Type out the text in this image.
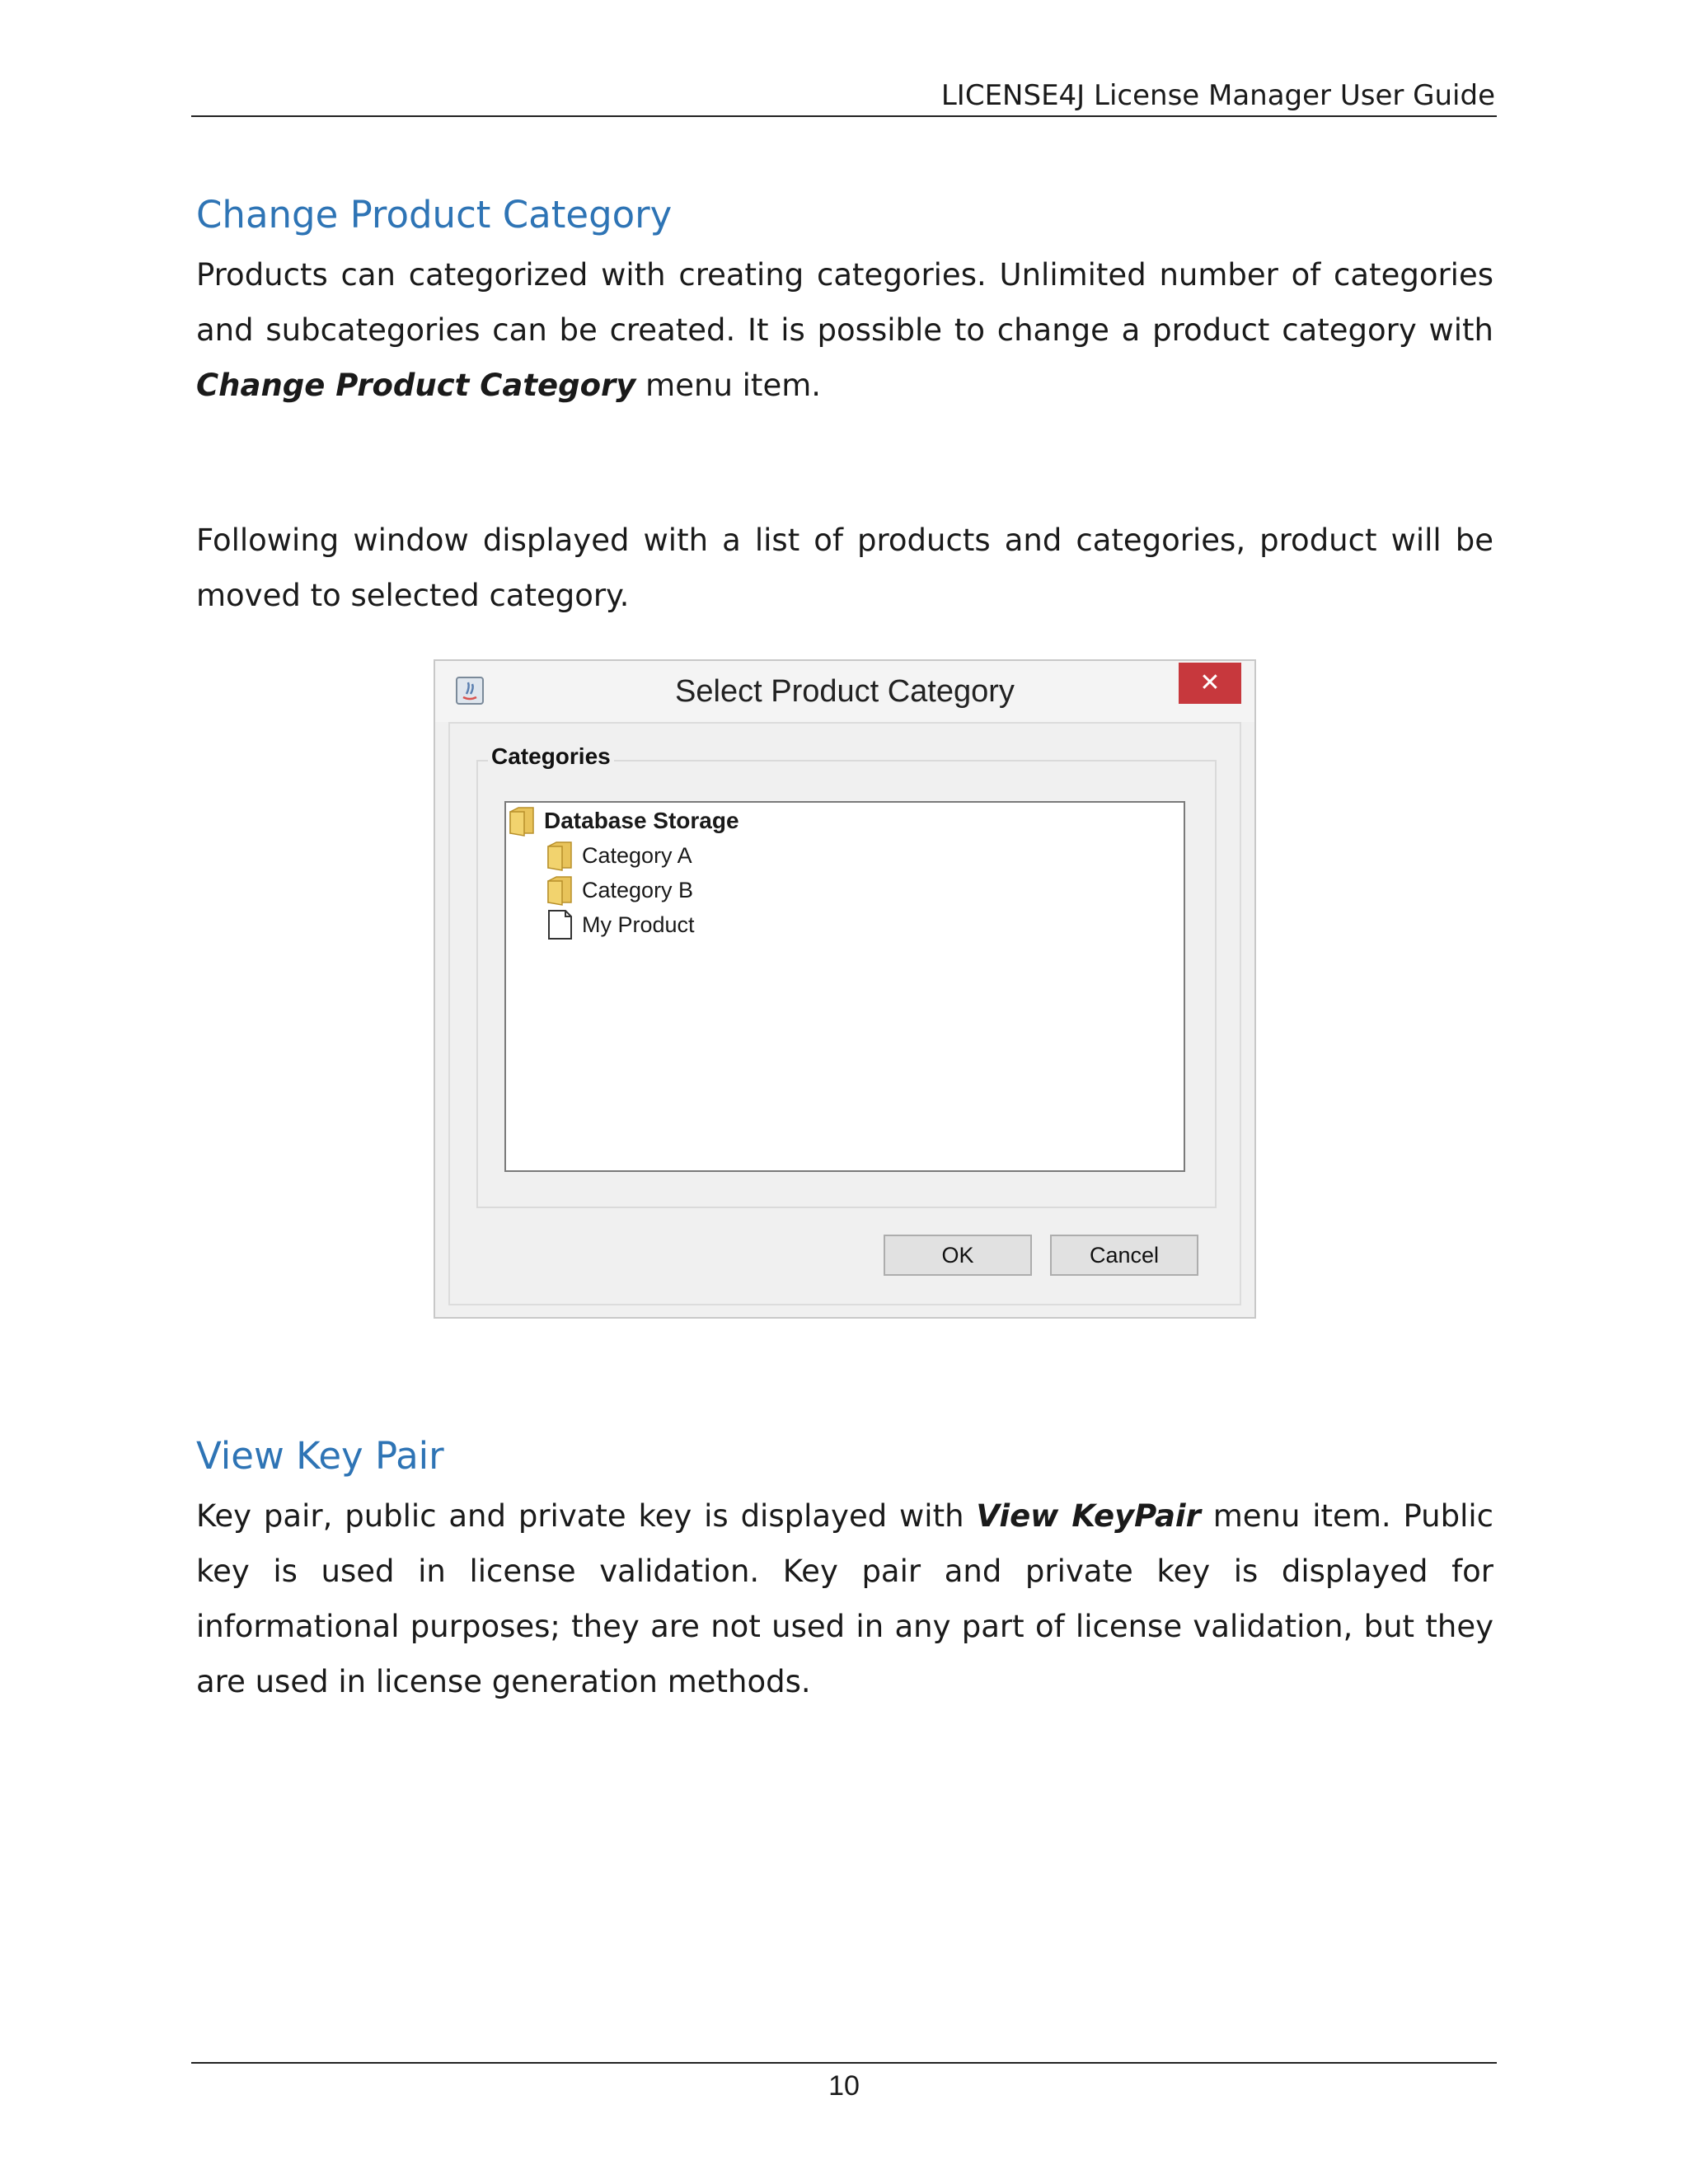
LICENSE4J License Manager User Guide
Change Product Category

Products can categorized with creating categories. Unlimited number of categories and subcategories can be created. It is possible to change a product category with Change Product Category menu item.

Following window displayed with a list of products and categories, product will be moved to selected category.

Select Product Category	✕
Categories
Database Storage
Category A
Category B
My Product
OK	Cancel
View Key Pair

Key pair, public and private key is displayed with View KeyPair menu item. Public key is used in license validation. Key pair and private key is displayed for informational purposes; they are not used in any part of license validation, but they are used in license generation methods.

10
